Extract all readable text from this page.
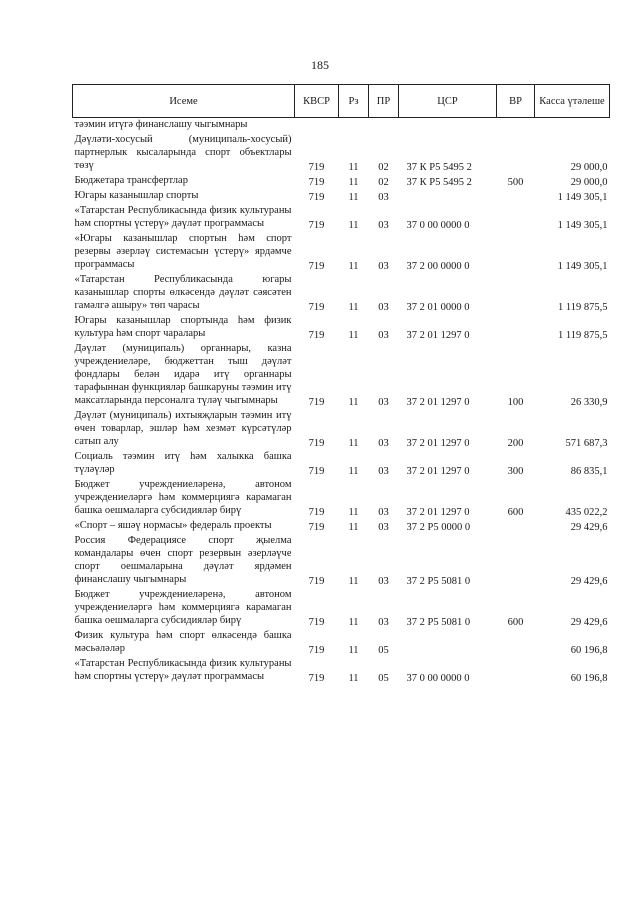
185
Исеме	КВСР	Рз	ПР	ЦСР	ВР	Касса үтәлеше
тәэмин итүгә финанслашу чыгымнары						
Дәүләти-хосусый (муниципаль-хосусый) партнерлык кысаларында спорт объектлары төзү	719	11	02	37 К Р5 5495 2		29 000,0
Бюджетара трансфертлар	719	11	02	37 К Р5 5495 2	500	29 000,0
Югары казанышлар спорты	719	11	03			1 149 305,1
«Татарстан Республикасында физик культураны һәм спортны үстерү» дәүләт программасы	719	11	03	37 0 00 0000 0		1 149 305,1
«Югары казанышлар спортын һәм спорт резервы әзерләү системасын үстерү» ярдәмче программасы	719	11	03	37 2 00 0000 0		1 149 305,1
«Татарстан Республикасында югары казанышлар спорты өлкәсендә дәүләт сәясәтен гамәлгә ашыру» төп чарасы	719	11	03	37 2 01 0000 0		1 119 875,5
Югары казанышлар спортында һәм физик культура һәм спорт чаралары	719	11	03	37 2 01 1297 0		1 119 875,5
Дәүләт (муниципаль) органнары, казна учреждениеләре, бюджеттан тыш дәүләт фондлары белән идарә итү органнары тарафыннан функцияләр башкаруны тәэмин итү максатларында персоналга түләү чыгымнары	719	11	03	37 2 01 1297 0	100	26 330,9
Дәүләт (муниципаль) ихтыяҗларын тәэмин итү өчен товарлар, эшләр һәм хезмәт күрсәтүләр сатып алу	719	11	03	37 2 01 1297 0	200	571 687,3
Социаль тәэмин итү һәм халыкка башка түләүләр	719	11	03	37 2 01 1297 0	300	86 835,1
Бюджет учреждениеләренә, автоном учреждениеләргә һәм коммерциягә карамаган башка оешмаларга субсидияләр бирү	719	11	03	37 2 01 1297 0	600	435 022,2
«Спорт – яшәү нормасы» федераль проекты	719	11	03	37 2 Р5 0000 0		29 429,6
Россия Федерациясе спорт җыелма командалары өчен спорт резервын әзерләүче спорт оешмаларына дәүләт ярдәмен финанслашу чыгымнары	719	11	03	37 2 Р5 5081 0		29 429,6
Бюджет учреждениеләренә, автоном учреждениеләргә һәм коммерциягә карамаган башка оешмаларга субсидияләр бирү	719	11	03	37 2 Р5 5081 0	600	29 429,6
Физик культура һәм спорт өлкәсендә башка мәсьәләләр	719	11	05			60 196,8
«Татарстан Республикасында физик культураны һәм спортны үстерү» дәүләт программасы	719	11	05	37 0 00 0000 0		60 196,8
